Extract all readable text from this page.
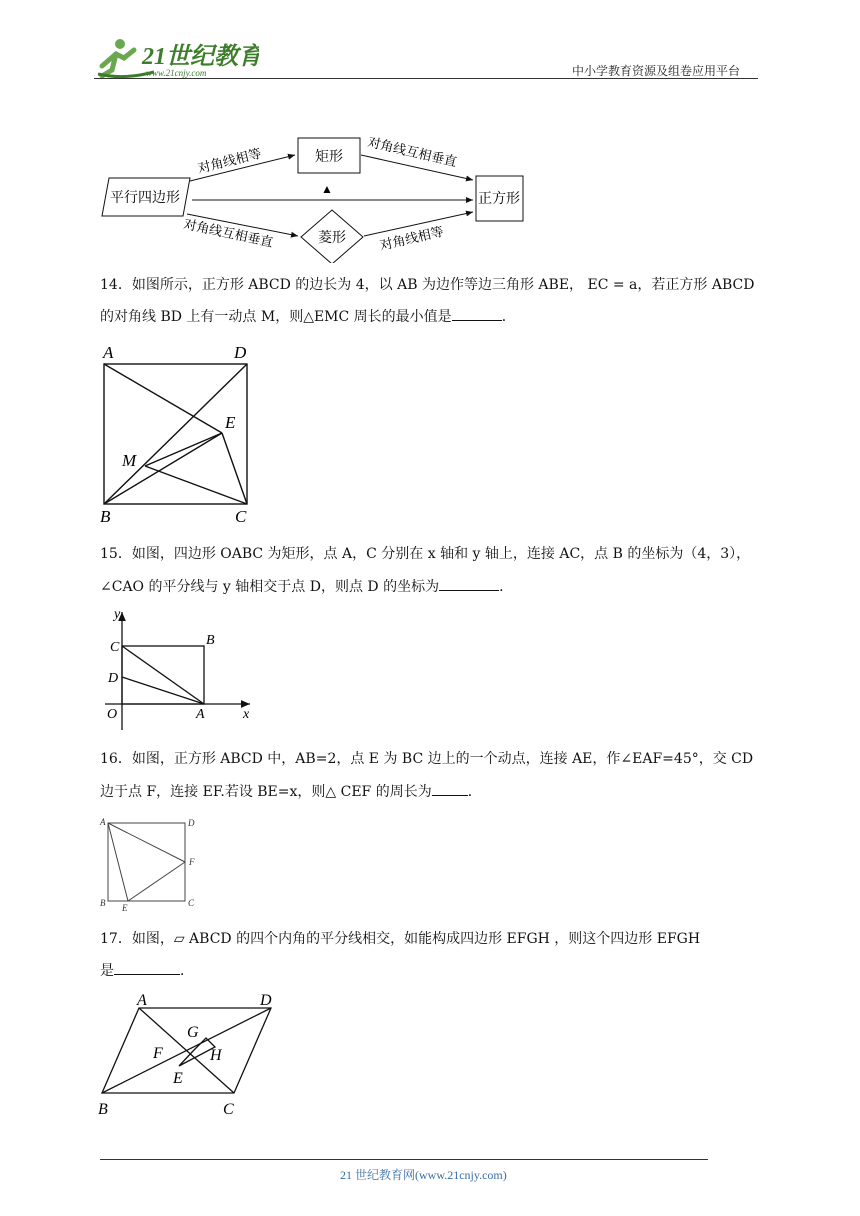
21世纪教育
www.21cnjy.com	中小学教育资源及组卷应用平台
平行四边形
矩形
菱形
正方形
▲
对角线相等	对角线互相垂直
对角线互相垂直	对角线相等
14．如图所示，正方形 ABCD 的边长为 4，以 AB 为边作等边三角形 ABE， EC = a，若正方形 ABCD
的对角线 BD 上有一动点 M，则△EMC 周长的最小值是	．
A	D
E
M
B	C
15．如图，四边形 OABC 为矩形，点 A，C 分别在 x 轴和 y 轴上，连接 AC，点 B 的坐标为（4，3），
∠CAO 的平分线与 y 轴相交于点 D，则点 D 的坐标为	．
y
C	B
D
O	A	x
16．如图，正方形 ABCD 中，AB=2，点 E 为 BC 边上的一个动点，连接 AE，作∠EAF=45°，交 CD
边于点 F，连接 EF.若设 BE=x，则△ CEF 的周长为	．
A	D
F
B E	C
17．如图，▱ ABCD 的四个内角的平分线相交，如能构成四边形 EFGH ，则这个四边形 EFGH
是	．
A	D
G
F	H
E
B	C
21 世纪教育网(www.21cnjy.com)
